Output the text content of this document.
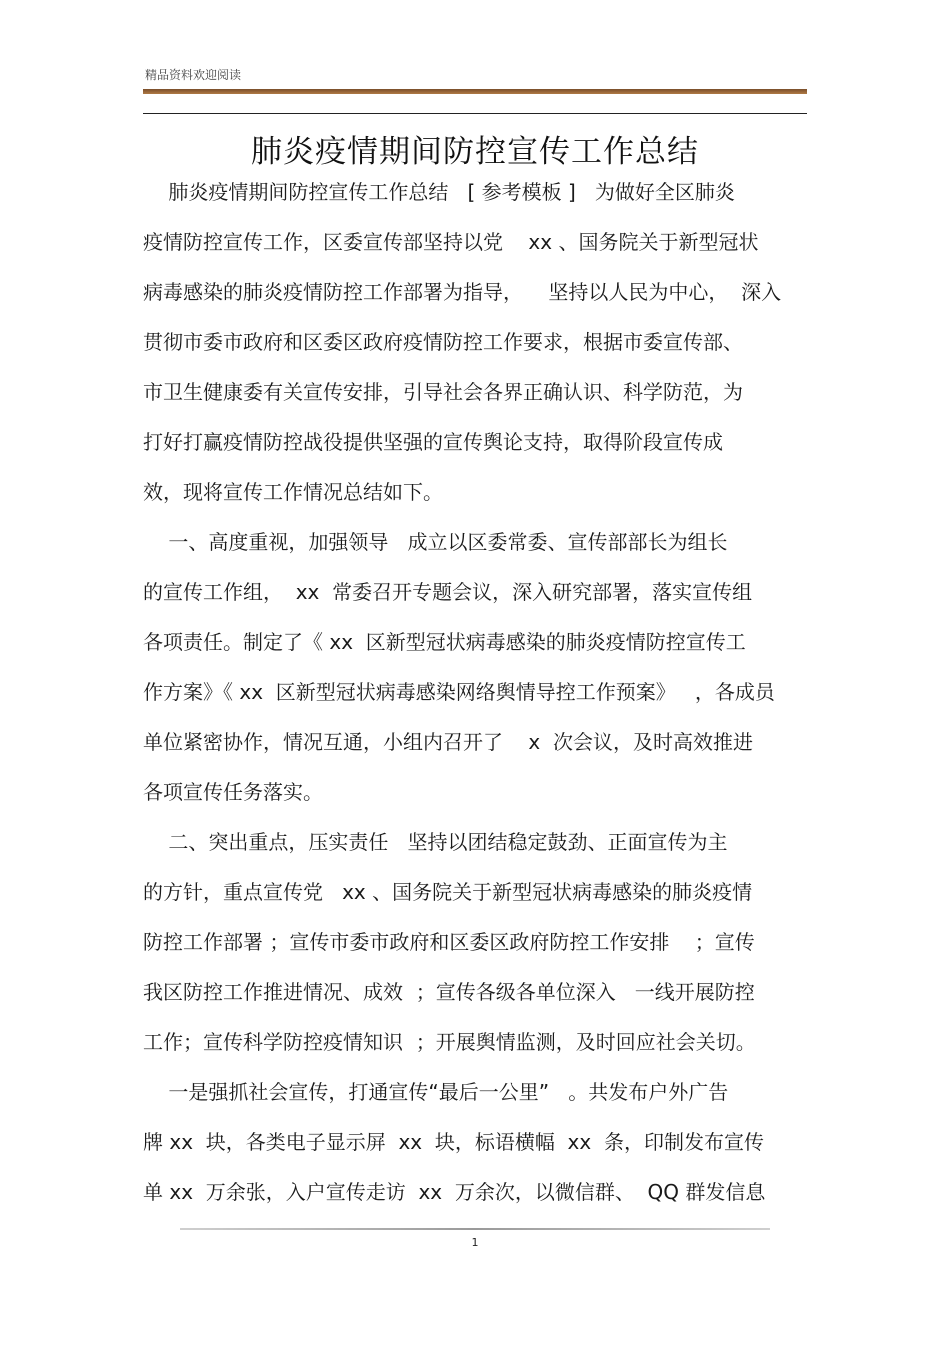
精品资料欢迎阅读
肺炎疫情期间防控宣传工作总结
肺炎疫情期间防控宣传工作总结   [ 参考模板 ]   为做好全区肺炎
疫情防控宣传工作，区委宣传部坚持以党    xx 、国务院关于新型冠状
病毒感染的肺炎疫情防控工作部署为指导，    坚持以人民为中心，  深入
贯彻市委市政府和区委区政府疫情防控工作要求，根据市委宣传部、
市卫生健康委有关宣传安排，引导社会各界正确认识、科学防范，为
打好打赢疫情防控战役提供坚强的宣传舆论支持，取得阶段宣传成
效，现将宣传工作情况总结如下。
一、高度重视，加强领导   成立以区委常委、宣传部部长为组长
的宣传工作组，  xx  常委召开专题会议，深入研究部署，落实宣传组
各项责任。制定了《 xx  区新型冠状病毒感染的肺炎疫情防控宣传工
作方案》《 xx  区新型冠状病毒感染网络舆情导控工作预案》   ，各成员
单位紧密协作，情况互通，小组内召开了    x  次会议，及时高效推进
各项宣传任务落实。
二、突出重点，压实责任   坚持以团结稳定鼓劲、正面宣传为主
的方针，重点宣传党   xx 、国务院关于新型冠状病毒感染的肺炎疫情
防控工作部署 ；宣传市委市政府和区委区政府防控工作安排    ；宣传
我区防控工作推进情况、成效  ；宣传各级各单位深入   一线开展防控
工作；宣传科学防控疫情知识  ；开展舆情监测，及时回应社会关切。
一是强抓社会宣传，打通宣传“最后一公里”   。共发布户外广告
牌 xx  块，各类电子显示屏  xx  块，标语横幅  xx  条，印制发布宣传
单 xx  万余张，入户宣传走访  xx  万余次，以微信群、  QQ 群发信息
1
